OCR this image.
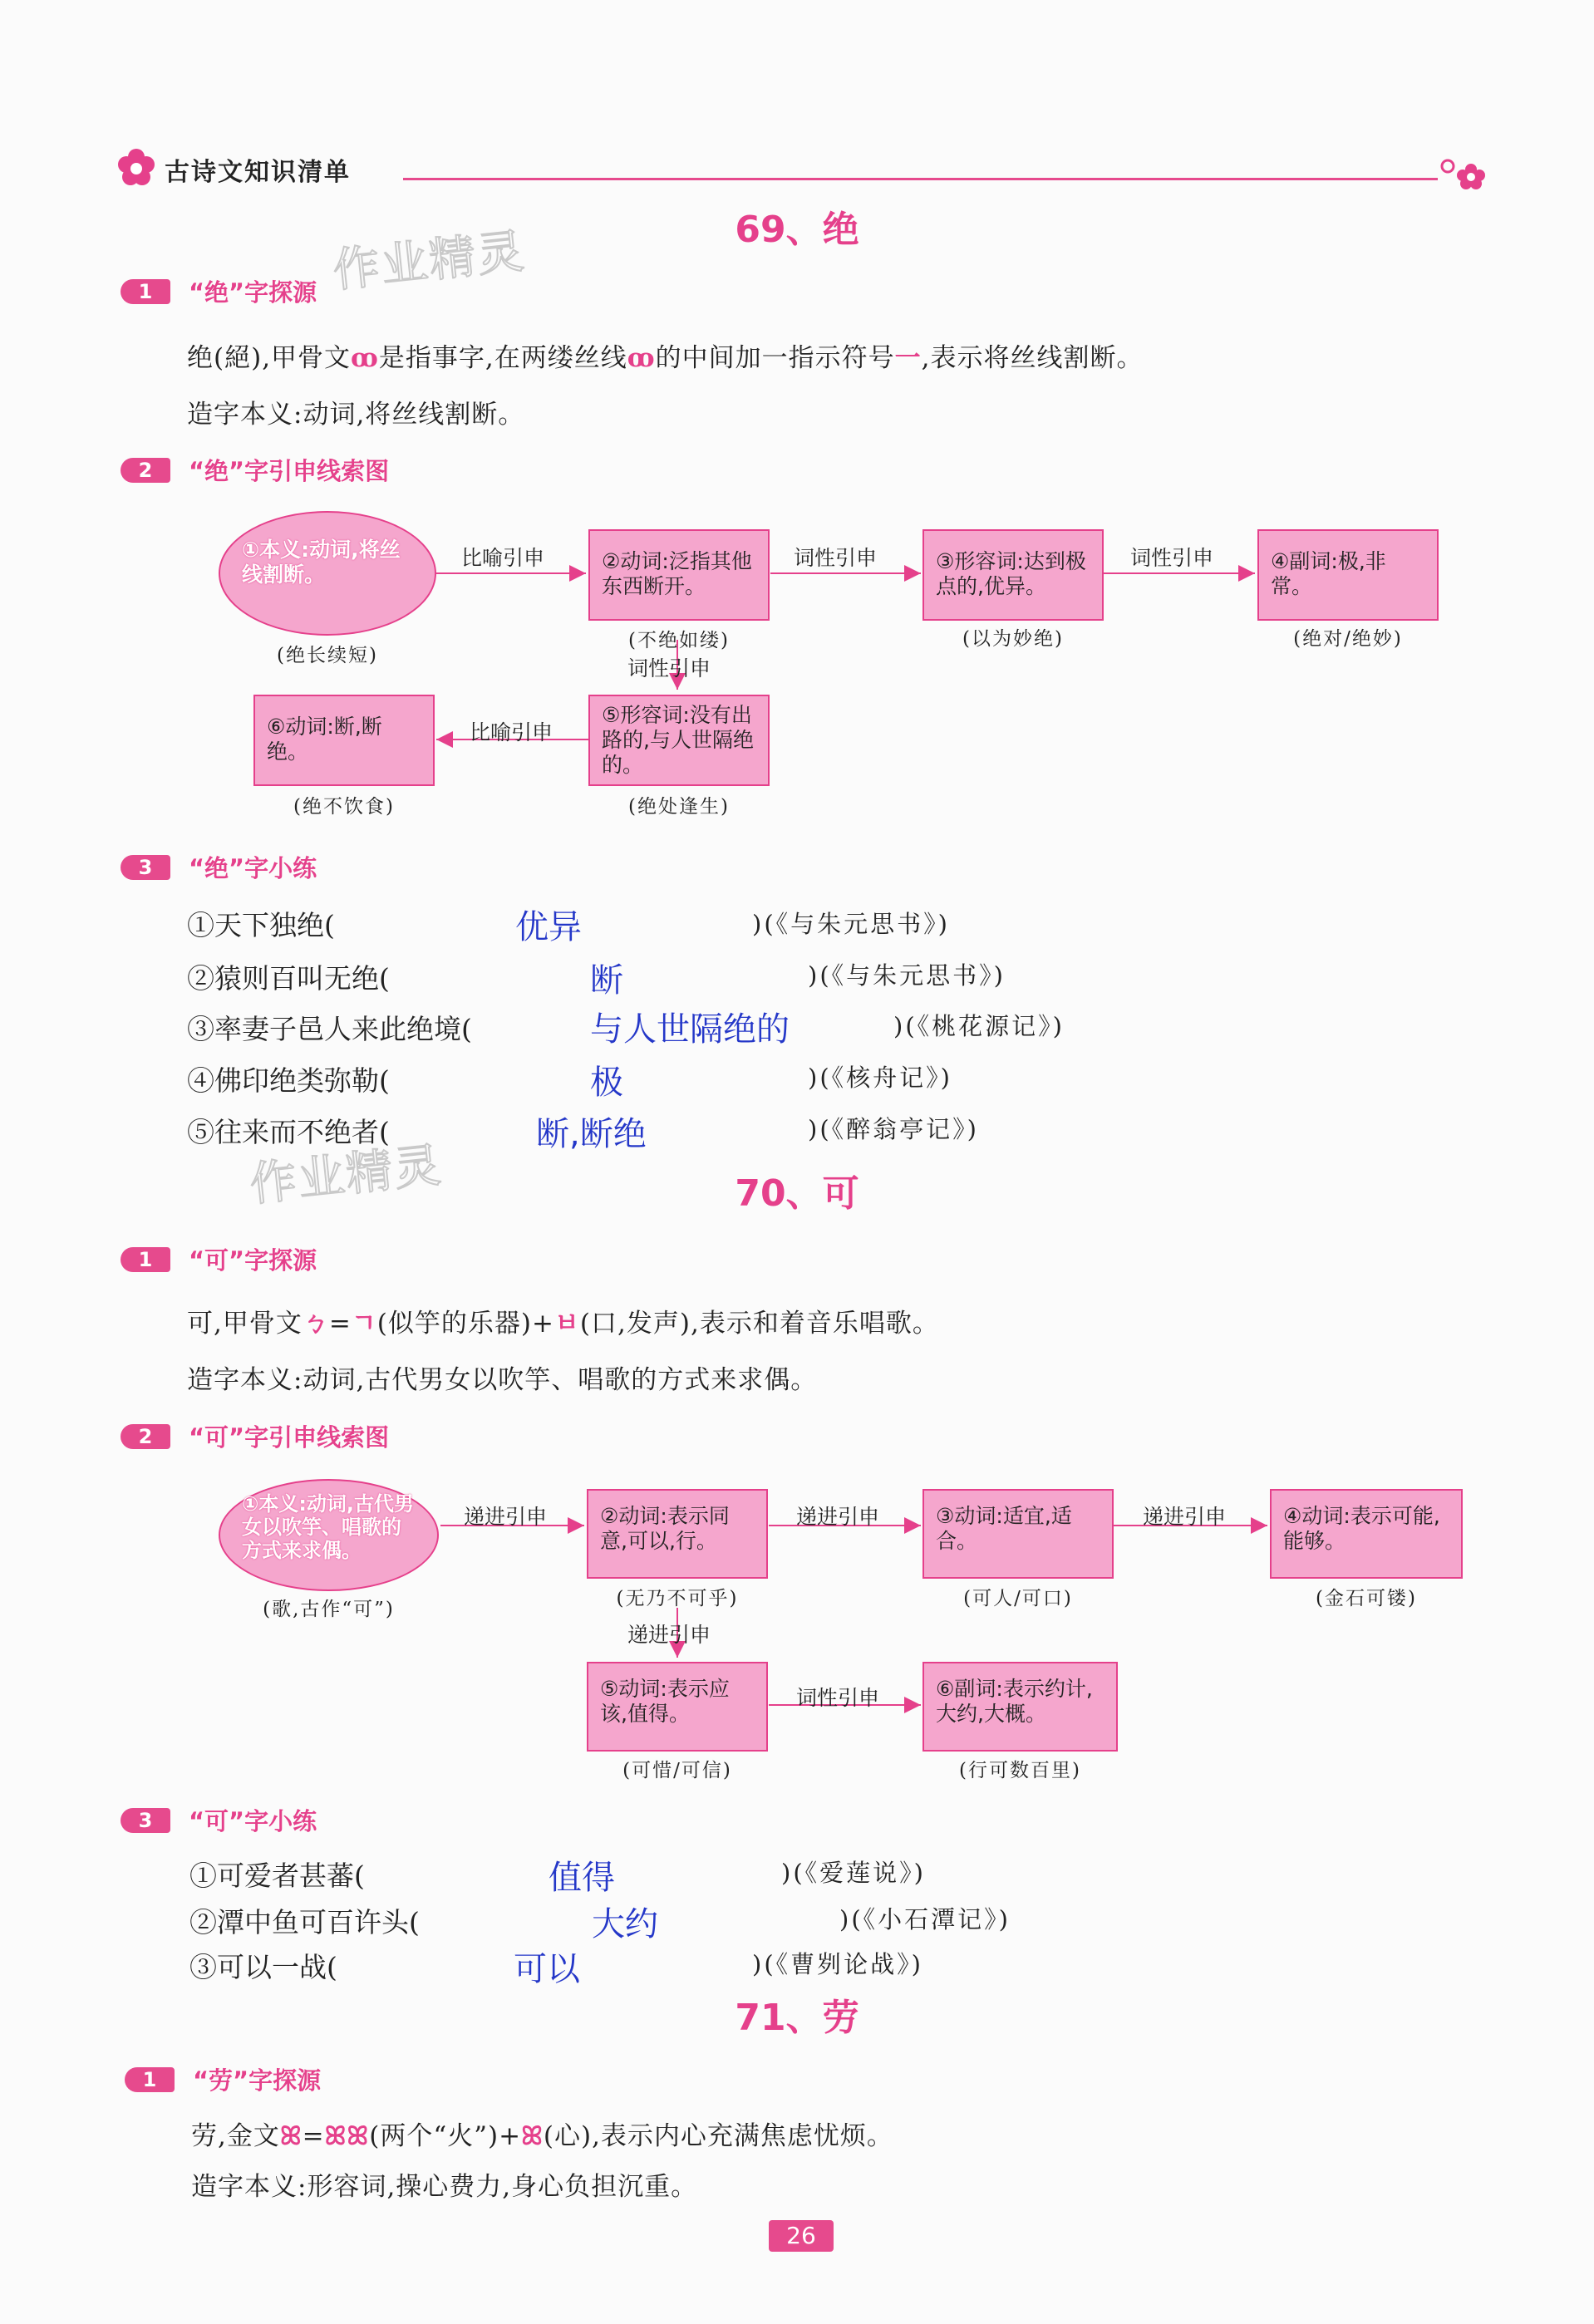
古诗文知识清单
作业精灵
作业精灵
69、绝
1 “绝”字探源
绝(絕),甲骨文ꝏ是指事字,在两缕丝线ꝏ的中间加一指示符号一,表示将丝线割断。
造字本义:动词,将丝线割断。
2 “绝”字引申线索图
①本义:动词,将丝线割断。
(绝长续短)
②动词:泛指其他东西断开。
(不绝如缕)
③形容词:达到极点的,优异。
(以为妙绝)
④副词:极,非常。
(绝对/绝妙)
⑤形容词:没有出路的,与人世隔绝的。
(绝处逢生)
⑥动词:断,断绝。
(绝不饮食)
比喻引申	词性引申	词性引申
词性引申
比喻引申
3 “绝”字小练
①天下独绝(	优异	)(《与朱元思书》)
②猿则百叫无绝(	断	)(《与朱元思书》)
③率妻子邑人来此绝境(	与人世隔绝的	)(《桃花源记》)
④佛印绝类弥勒(	极	)(《核舟记》)
⑤往来而不绝者(	断,断绝	)(《醉翁亭记》)
70、可
1 “可”字探源
可,甲骨文ㄅ=ㄱ(似竽的乐器)+ㅂ(口,发声),表示和着音乐唱歌。
造字本义:动词,古代男女以吹竽、唱歌的方式来求偶。
2 “可”字引申线索图
①本义:动词,古代男女以吹竽、唱歌的方式来求偶。
(歌,古作“可”)
②动词:表示同意,可以,行。
(无乃不可乎)
③动词:适宜,适合。
(可人/可口)
④动词:表示可能,能够。
(金石可镂)
⑤动词:表示应该,值得。
(可惜/可信)
⑥副词:表示约计,大约,大概。
(行可数百里)
递进引申	递进引申	递进引申
递进引申
词性引申
3 “可”字小练
①可爱者甚蕃(	值得	)(《爱莲说》)
②潭中鱼可百许头(	大约	)(《小石潭记》)
③可以一战(	可以	)(《曹刿论战》)
71、劳
1 “劳”字探源
劳,金文ꕤ=ꕤꕤ(两个“火”)+ꕤ(心),表示内心充满焦虑忧烦。
造字本义:形容词,操心费力,身心负担沉重。
26
